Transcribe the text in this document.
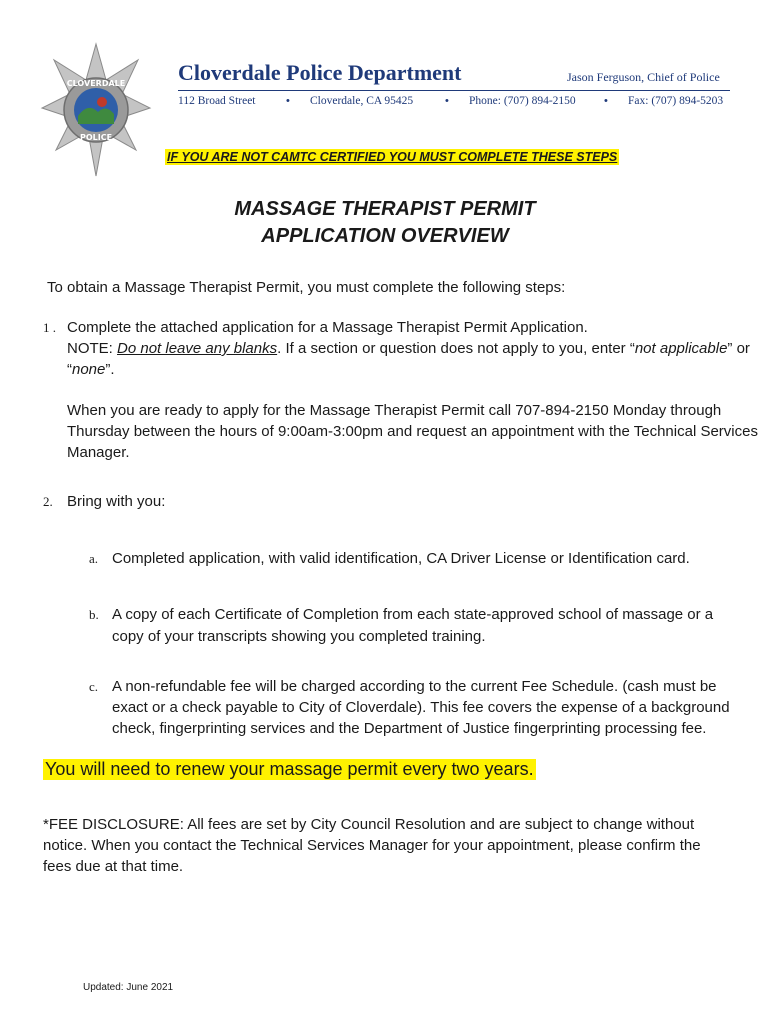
CLOVERDALE
POLICE
Cloverdale Police Department	Jason Ferguson, Chief of Police
112 Broad Street	• Cloverdale, CA 95425	• Phone: (707) 894-2150	• Fax: (707) 894-5203
IF YOU ARE NOT CAMTC CERTIFIED YOU MUST COMPLETE THESE STEPS
MASSAGE THERAPIST PERMIT
APPLICATION OVERVIEW
To obtain a Massage Therapist Permit, you must complete the following steps:
1 . Complete the attached application for a Massage Therapist Permit Application.
NOTE: Do not leave any blanks. If a section or question does not apply to you, enter “not applicable” or
“none”.
When you are ready to apply for the Massage Therapist Permit call 707-894-2150 Monday through
Thursday between the hours of 9:00am-3:00pm and request an appointment with the Technical Services
Manager.
2. Bring with you:
a. Completed application, with valid identification, CA Driver License or Identification card.
b. A copy of each Certificate of Completion from each state-approved school of massage or a
copy of your transcripts showing you completed training.
c. A non-refundable fee will be charged according to the current Fee Schedule. (cash must be
exact or a check payable to City of Cloverdale). This fee covers the expense of a background
check, fingerprinting services and the Department of Justice fingerprinting processing fee.
You will need to renew your massage permit every two years.
*FEE DISCLOSURE: All fees are set by City Council Resolution and are subject to change without
notice. When you contact the Technical Services Manager for your appointment, please confirm the
fees due at that time.
Updated: June 2021
